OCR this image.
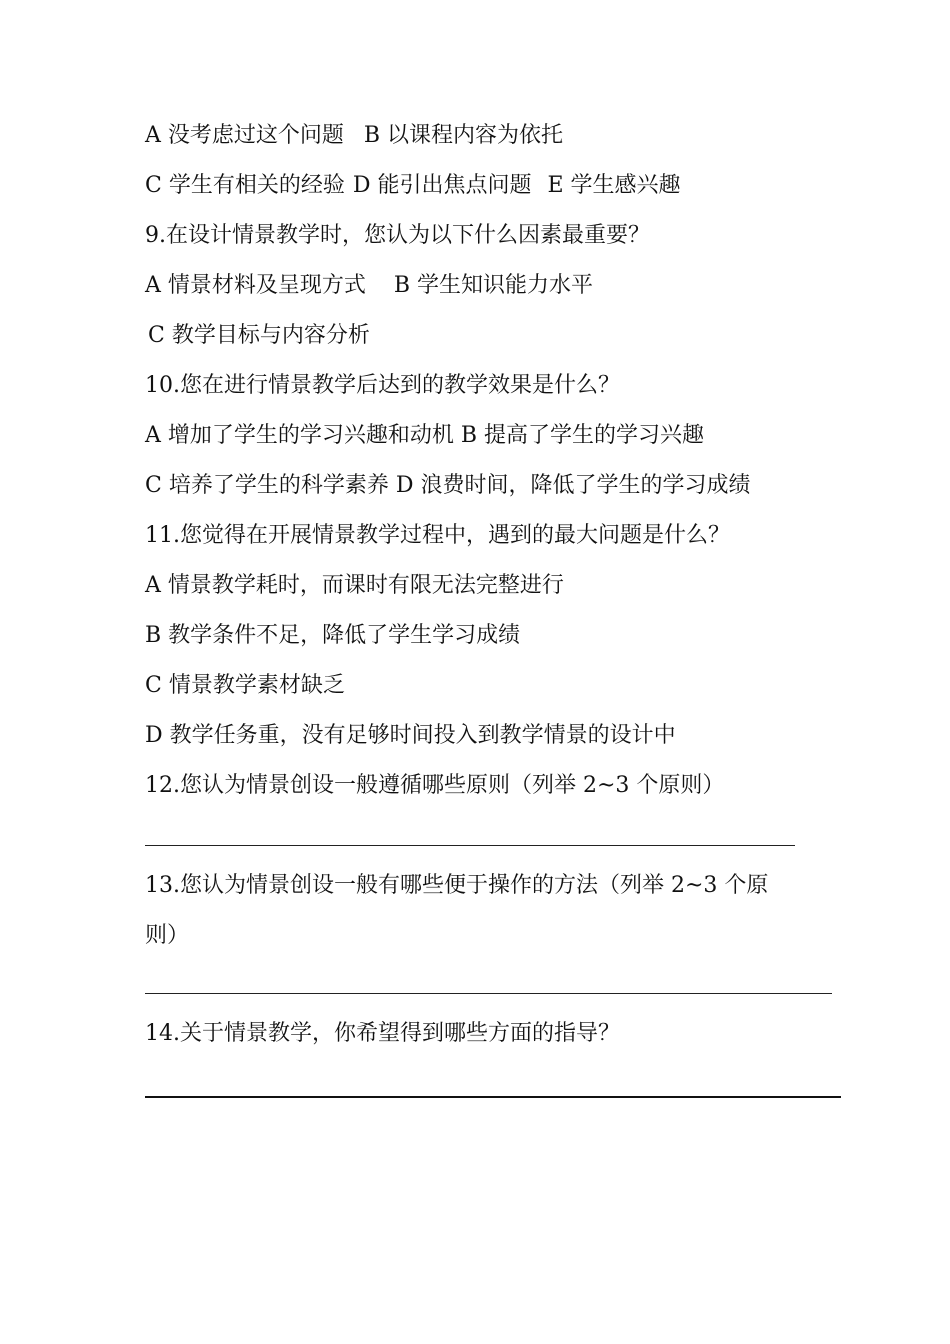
A 没考虑过这个问题 B 以课程内容为依托
C 学生有相关的经验 D 能引出焦点问题 E 学生感兴趣
9.在设计情景教学时，您认为以下什么因素最重要？
A 情景材料及呈现方式 B 学生知识能力水平
C 教学目标与内容分析
10.您在进行情景教学后达到的教学效果是什么？
A 增加了学生的学习兴趣和动机 B 提高了学生的学习兴趣
C 培养了学生的科学素养 D 浪费时间，降低了学生的学习成绩
11.您觉得在开展情景教学过程中，遇到的最大问题是什么？
A 情景教学耗时，而课时有限无法完整进行
B 教学条件不足，降低了学生学习成绩
C 情景教学素材缺乏
D 教学任务重，没有足够时间投入到教学情景的设计中
12.您认为情景创设一般遵循哪些原则（列举 2~3 个原则）
13.您认为情景创设一般有哪些便于操作的方法（列举 2~3 个原
则）
14.关于情景教学，你希望得到哪些方面的指导？
